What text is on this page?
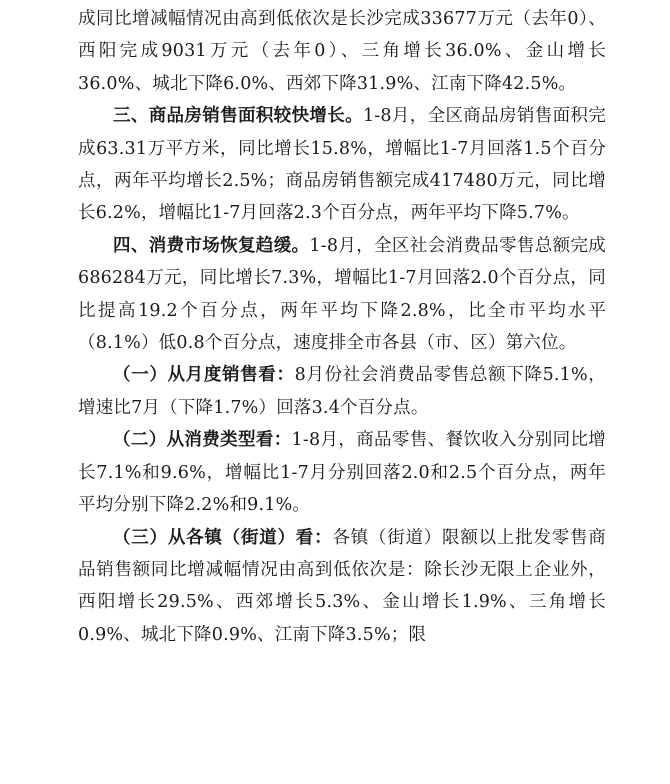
成同比增减幅情况由高到低依次是长沙完成33677万元（去年0）、西阳完成9031万元（去年0）、三角增长36.0%、金山增长36.0%、城北下降6.0%、西郊下降31.9%、江南下降42.5%。

三、商品房销售面积较快增长。1-8月，全区商品房销售面积完成63.31万平方米，同比增长15.8%，增幅比1-7月回落1.5个百分点，两年平均增长2.5%；商品房销售额完成417480万元，同比增长6.2%，增幅比1-7月回落2.3个百分点，两年平均下降5.7%。

四、消费市场恢复趋缓。1-8月，全区社会消费品零售总额完成686284万元，同比增长7.3%，增幅比1-7月回落2.0个百分点，同比提高19.2个百分点，两年平均下降2.8%，比全市平均水平（8.1%）低0.8个百分点，速度排全市各县（市、区）第六位。

（一）从月度销售看：8月份社会消费品零售总额下降5.1%，增速比7月（下降1.7%）回落3.4个百分点。

（二）从消费类型看：1-8月，商品零售、餐饮收入分别同比增长7.1%和9.6%，增幅比1-7月分别回落2.0和2.5个百分点，两年平均分别下降2.2%和9.1%。

（三）从各镇（街道）看：各镇（街道）限额以上批发零售商品销售额同比增减幅情况由高到低依次是：除长沙无限上企业外，西阳增长29.5%、西郊增长5.3%、金山增长1.9%、三角增长0.9%、城北下降0.9%、江南下降3.5%；限
